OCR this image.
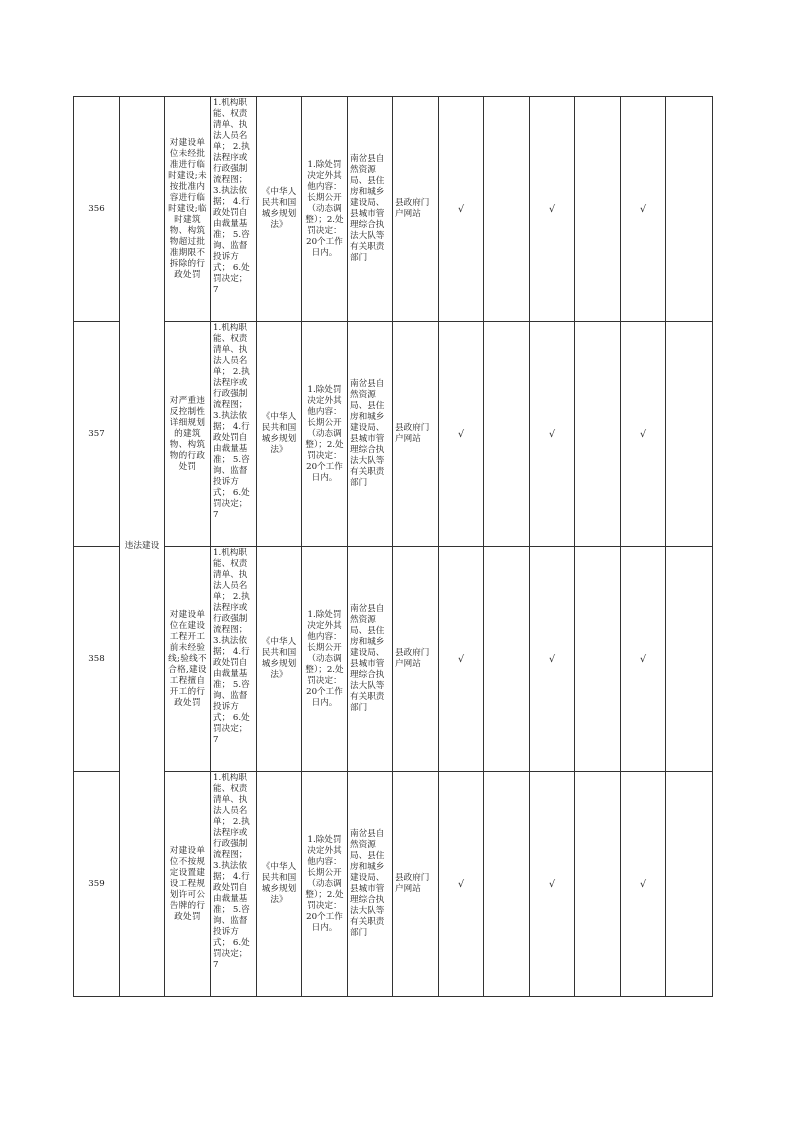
356	违法建设	对建设单位未经批准进行临时建设;未按批准内容进行临时建设;临时建筑物、构筑物超过批准期限不拆除的行政处罚	1.机构职能、权责清单、执法人员名单； 2.执法程序或行政强制流程图； 3.执法依据； 4.行政处罚自由裁量基准； 5.咨询、监督投诉方式； 6.处罚决定； 7	《中华人民共和国城乡规划法》	1.除处罚决定外其他内容：长期公开（动态调整）；2.处罚决定：20个工作日内。	南岔县自然资源局、县住房和城乡建设局、县城市管理综合执法大队等有关职责部门	县政府门户网站	√		√		√	
357		对严重违反控制性详细规划的建筑物、构筑物的行政处罚	1.机构职能、权责清单、执法人员名单； 2.执法程序或行政强制流程图； 3.执法依据； 4.行政处罚自由裁量基准； 5.咨询、监督投诉方式； 6.处罚决定； 7	《中华人民共和国城乡规划法》	1.除处罚决定外其他内容：长期公开（动态调整）；2.处罚决定：20个工作日内。	南岔县自然资源局、县住房和城乡建设局、县城市管理综合执法大队等有关职责部门	县政府门户网站	√		√		√	
358		对建设单位在建设工程开工前未经验线;验线不合格,建设工程擅自开工的行政处罚	1.机构职能、权责清单、执法人员名单； 2.执法程序或行政强制流程图； 3.执法依据； 4.行政处罚自由裁量基准； 5.咨询、监督投诉方式； 6.处罚决定； 7	《中华人民共和国城乡规划法》	1.除处罚决定外其他内容：长期公开（动态调整）；2.处罚决定：20个工作日内。	南岔县自然资源局、县住房和城乡建设局、县城市管理综合执法大队等有关职责部门	县政府门户网站	√		√		√	
359		对建设单位不按规定设置建设工程规划许可公告牌的行政处罚	1.机构职能、权责清单、执法人员名单； 2.执法程序或行政强制流程图； 3.执法依据； 4.行政处罚自由裁量基准； 5.咨询、监督投诉方式； 6.处罚决定； 7	《中华人民共和国城乡规划法》	1.除处罚决定外其他内容：长期公开（动态调整）；2.处罚决定：20个工作日内。	南岔县自然资源局、县住房和城乡建设局、县城市管理综合执法大队等有关职责部门	县政府门户网站	√		√		√	
